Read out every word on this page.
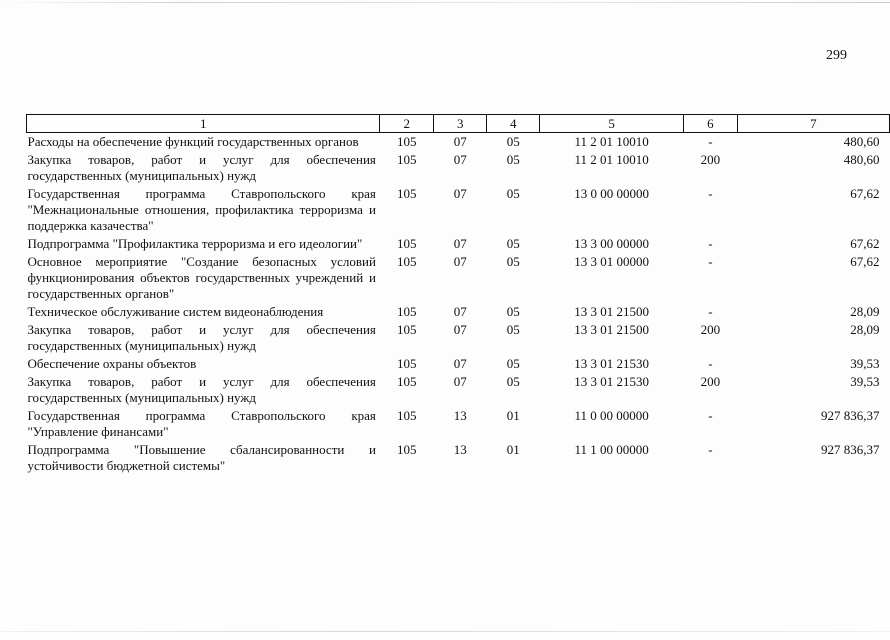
299
1	2	3	4	5	6	7
Расходы на обеспечение функций государственных органов	105	07	05	11 2 01 10010	-	480,60
Закупка товаров, работ и услуг для обеспечения государственных (муниципальных) нужд	105	07	05	11 2 01 10010	200	480,60
Государственная программа Ставропольского края "Межнациональные отношения, профилактика терроризма и поддержка казачества"	105	07	05	13 0 00 00000	-	67,62
Подпрограмма "Профилактика терроризма и его идеологии"	105	07	05	13 3 00 00000	-	67,62
Основное мероприятие "Создание безопасных условий функционирования объектов государственных учреждений и государственных органов"	105	07	05	13 3 01 00000	-	67,62
Техническое обслуживание систем видеонаблюдения	105	07	05	13 3 01 21500	-	28,09
Закупка товаров, работ и услуг для обеспечения государственных (муниципальных) нужд	105	07	05	13 3 01 21500	200	28,09
Обеспечение охраны объектов	105	07	05	13 3 01 21530	-	39,53
Закупка товаров, работ и услуг для обеспечения государственных (муниципальных) нужд	105	07	05	13 3 01 21530	200	39,53
Государственная программа Ставропольского края "Управление финансами"	105	13	01	11 0 00 00000	-	927 836,37
Подпрограмма "Повышение сбалансированности и устойчивости бюджетной системы"	105	13	01	11 1 00 00000	-	927 836,37
